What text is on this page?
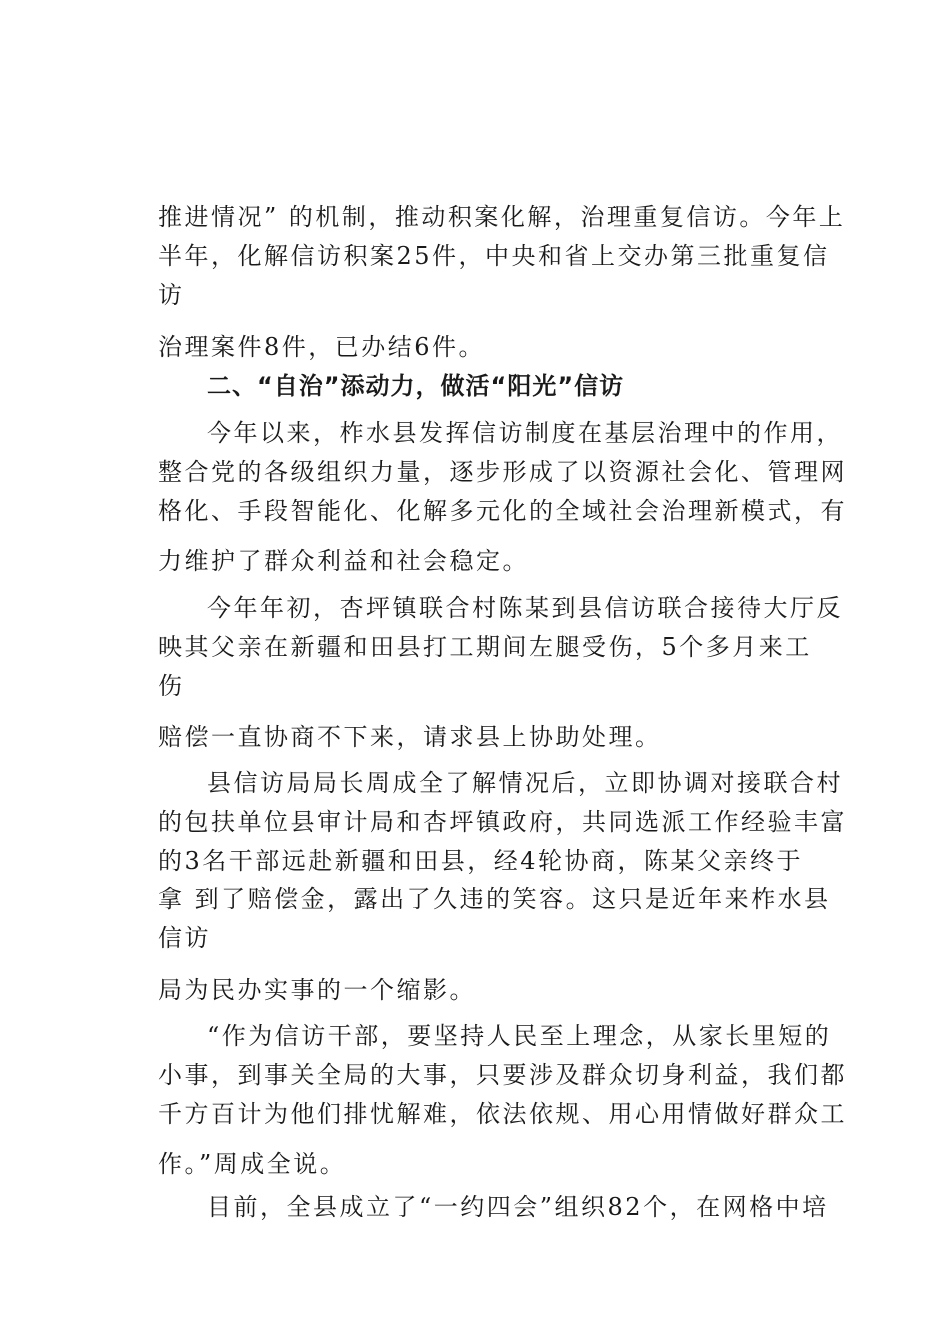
推进情况” 的机制，推动积案化解，治理重复信访。今年上
半年，化解信访积案25件，中央和省上交办第三批重复信
访
治理案件8件，已办结6件。
二、“自治”添动力，做活“阳光”信访
今年以来，柞水县发挥信访制度在基层治理中的作用，
整合党的各级组织力量，逐步形成了以资源社会化、管理网
格化、手段智能化、化解多元化的全域社会治理新模式，有
力维护了群众利益和社会稳定。
今年年初，杏坪镇联合村陈某到县信访联合接待大厅反
映其父亲在新疆和田县打工期间左腿受伤，5个多月来工
伤
赔偿一直协商不下来，请求县上协助处理。
县信访局局长周成全了解情况后，立即协调对接联合村
的包扶单位县审计局和杏坪镇政府，共同选派工作经验丰富
的3名干部远赴新疆和田县，经4轮协商，陈某父亲终于
拿 到了赔偿金，露出了久违的笑容。这只是近年来柞水县
信访
局为民办实事的一个缩影。
“作为信访干部，要坚持人民至上理念，从家长里短的
小事，到事关全局的大事，只要涉及群众切身利益，我们都
千方百计为他们排忧解难，依法依规、用心用情做好群众工
作。”周成全说。
目前，全县成立了“一约四会”组织82个，在网格中培
